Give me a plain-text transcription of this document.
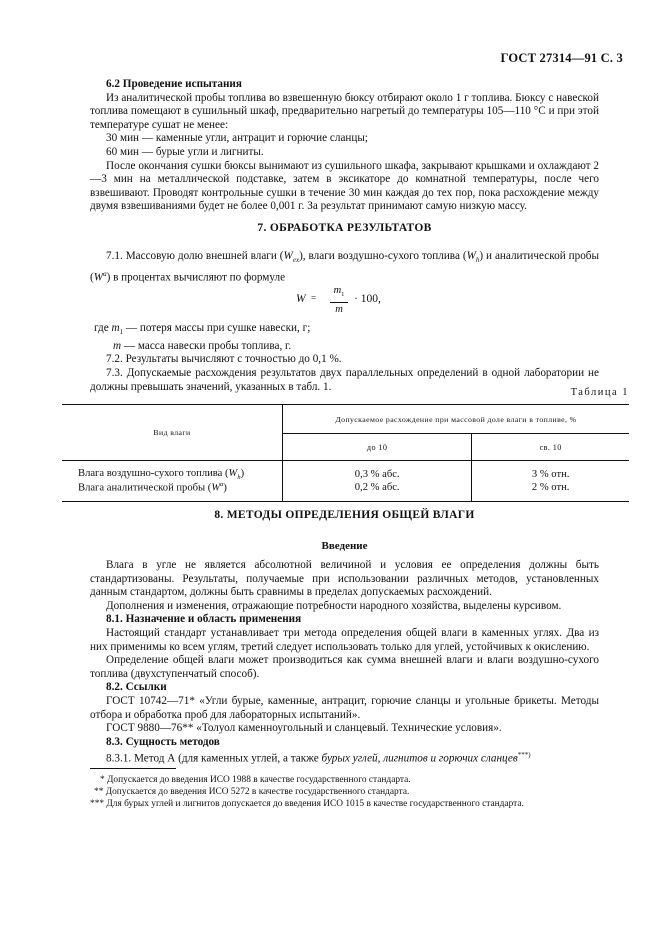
ГОСТ 27314—91 С. 3

6.2 Проведение испытания

Из аналитической пробы топлива во взвешенную бюксу отбирают около 1 г топлива. Бюксу с навеской топлива помещают в сушильный шкаф, предварительно нагретый до температуры 105—110 °С и при этой температуре сушат не менее:

30 мин — каменные угли, антрацит и горючие сланцы;

60 мин — бурые угли и лигниты.

После окончания сушки бюксы вынимают из сушильного шкафа, закрывают крышками и охлаждают 2—3 мин на металлической подставке, затем в эксикаторе до комнатной температуры, после чего взвешивают. Проводят контрольные сушки в течение 30 мин каждая до тех пор, пока расхождение между двумя взвешиваниями будет не более 0,001 г. За результат принимают самую низкую массу.

7. ОБРАБОТКА РЕЗУЛЬТАТОВ

7.1. Массовую долю внешней влаги $(W_{ex})$, влаги воздушно-сухого топлива $(W_h)$ и аналитической пробы $(W^a)$ в процентах вычисляют по формуле

W =
$m_1$
m
· 100,

где $m_1$ — потеря массы при сушке навески, г;

m — масса навески пробы топлива, г.

7.2. Результаты вычисляют с точностью до 0,1 %.

7.3. Допускаемые расхождения результатов двух параллельных определений в одной лаборатории не должны превышать значений, указанных в табл. 1.	Таблица 1
Вид влаги	Допускаемое расхождение при массовой доле влаги в топливе, %	
	до 10	св. 10
Влага воздушно-сухого топлива $(W_h)$	0,3 % абс.	3 % отн.
Влага аналитической пробы $(W^a)$	0,2 % абс.	2 % отн.
8. МЕТОДЫ ОПРЕДЕЛЕНИЯ ОБЩЕЙ ВЛАГИ
Введение

Влага в угле не является абсолютной величиной и условия ее определения должны быть стандартизованы. Результаты, получаемые при использовании различных методов, установленных данным стандартом, должны быть сравнимы в пределах допускаемых расхождений.

Дополнения и изменения, отражающие потребности народного хозяйства, выделены курсивом.

8.1. Назначение и область применения

Настоящий стандарт устанавливает три метода определения общей влаги в каменных углях. Два из них применимы ко всем углям, третий следует использовать только для углей, устойчивых к окислению.

Определение общей влаги может производиться как сумма внешней влаги и влаги воздушно-сухого топлива (двухступенчатый способ).

8.2. Ссылки

ГОСТ 10742—71* «Угли бурые, каменные, антрацит, горючие сланцы и угольные брикеты. Методы отбора и обработка проб для лабораторных испытаний».

ГОСТ 9880—76** «Толуол каменноугольный и сланцевый. Технические условия».

8.3. Сущность методов

8.3.1. Метод А (для каменных углей, а также бурых углей, лигнитов и горючих сланцев***)

* Допускается до введения ИСО 1988 в качестве государственного стандарта.

** Допускается до введения ИСО 5272 в качестве государственного стандарта.

*** Для бурых углей и лигнитов допускается до введения ИСО 1015 в качестве государственного стандарта.
